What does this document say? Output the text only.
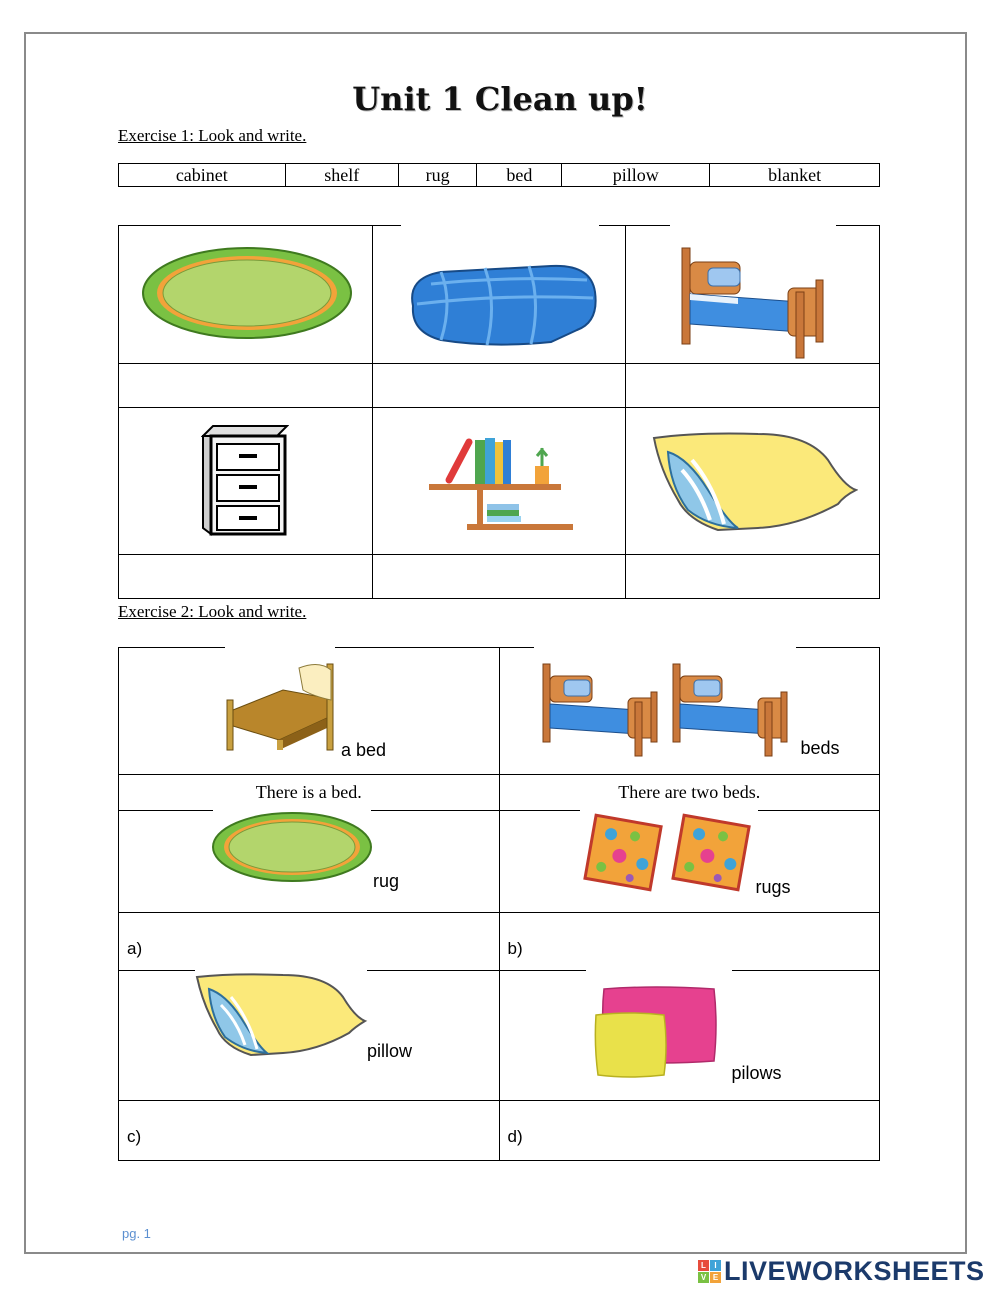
Unit 1 Clean up!
Exercise 1: Look and write.
cabinet	shelf	rug	bed	pillow	blanket

Exercise 2: Look and write.
a bed	beds

There is a bed.	There are two beds.

rug	rugs

a)	b)

pillow	pilows

c)	d)
pg. 1
L	I
V E LIVEWORKSHEETS
